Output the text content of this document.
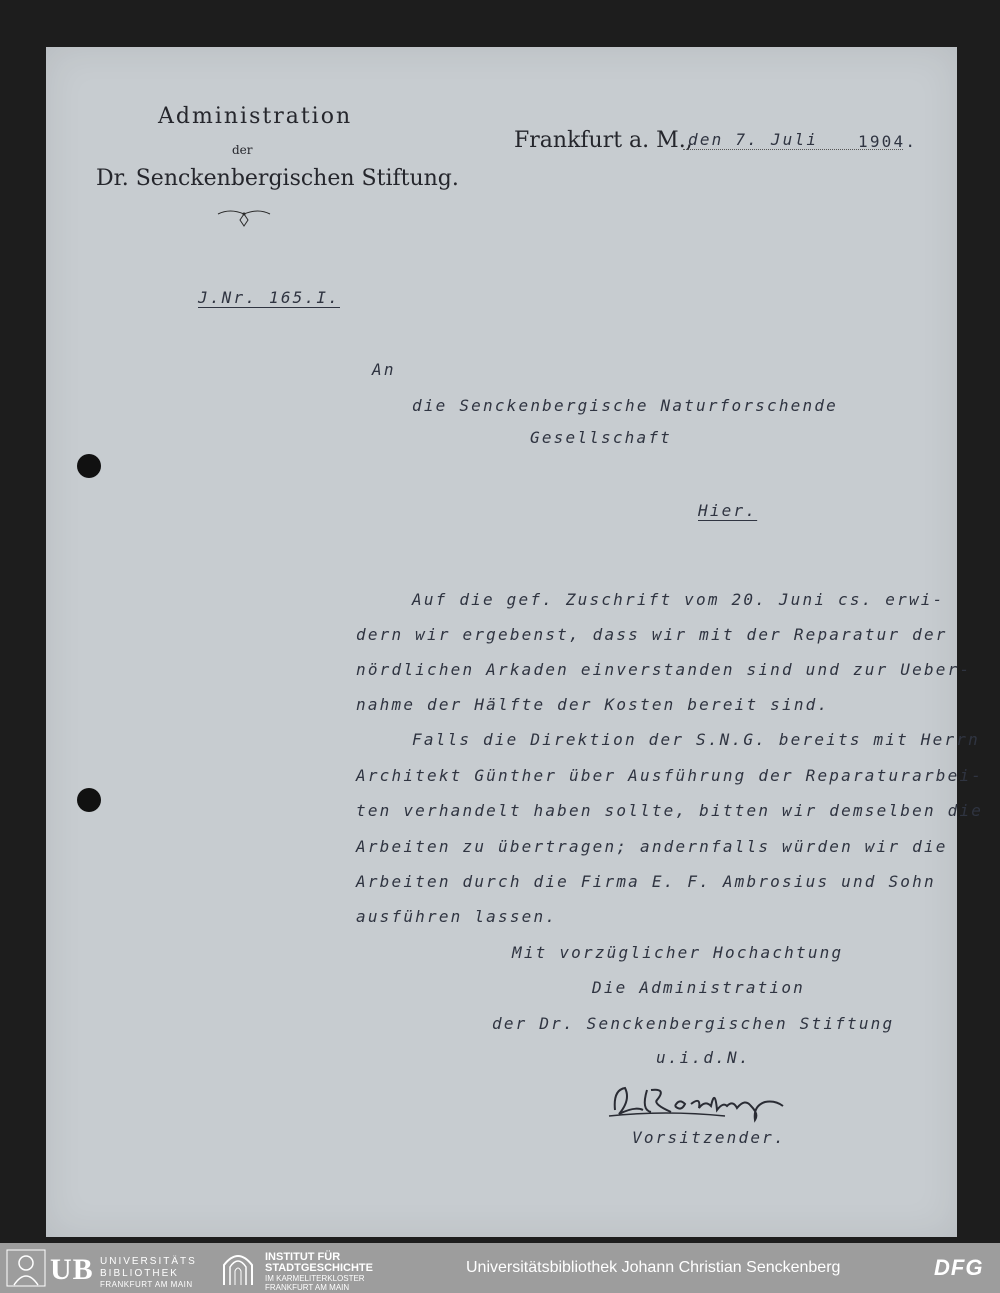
Administration
der
Dr. Senckenbergischen Stiftung.
Frankfurt a. M.,
den 7. Juli 1904.
J.Nr. 165.I.
An
die Senckenbergische Naturforschende
Gesellschaft
Hier.
Auf die gef. Zuschrift vom 20. Juni cs. erwi-
dern wir ergebenst, dass wir mit der Reparatur der
nördlichen Arkaden einverstanden sind und zur Ueber-
nahme der Hälfte der Kosten bereit sind.
Falls die Direktion der S.N.G. bereits mit Herrn
Architekt Günther über Ausführung der Reparaturarbei-
ten verhandelt haben sollte, bitten wir demselben die
Arbeiten zu übertragen; andernfalls würden wir die
Arbeiten durch die Firma E. F. Ambrosius und Sohn
ausführen lassen.
Mit vorzüglicher Hochachtung
Die Administration
der Dr. Senckenbergischen Stiftung
u.i.d.N.
Vorsitzender.
UB UNIVERSITÄTS
BIBLIOTHEK
FRANKFURT AM MAIN
INSTITUT FÜR
STADTGESCHICHTE
IM KARMELITERKLOSTER
FRANKFURT AM MAIN
Universitätsbibliothek Johann Christian Senckenberg	DFG
